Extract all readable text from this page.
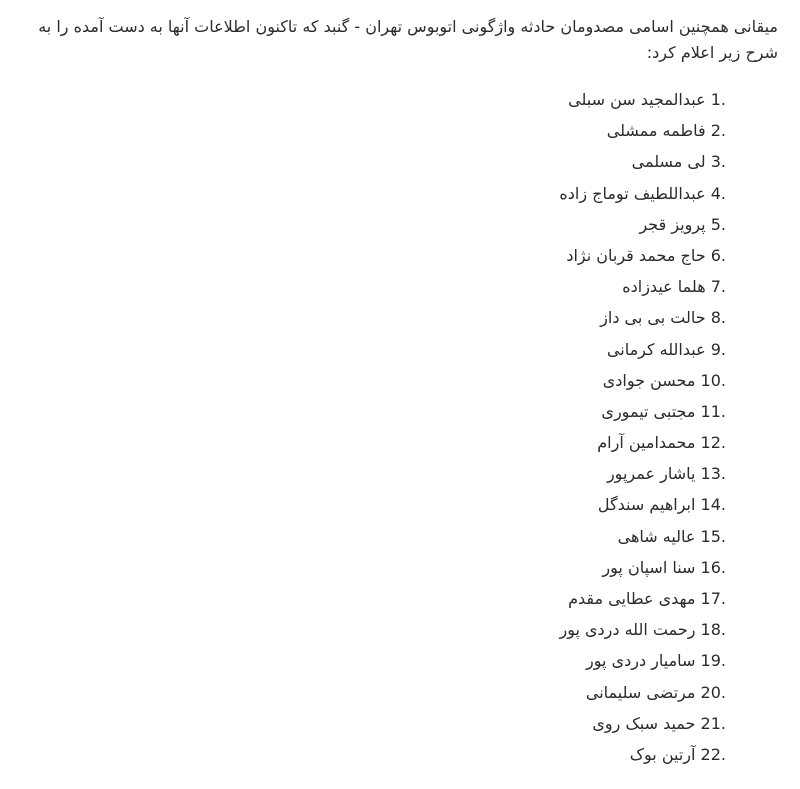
میقانی همچنین اسامی مصدومان حادثه واژگونی اتوبوس تهران - گنبد که تاکنون اطلاعات آنها به دست آمده را به شرح زیر اعلام کرد:

1. عبدالمجید سن سبلی
2. فاطمه ممشلی
3. لی مسلمی
4. عبداللطیف توماج زاده
5. پرویز قجر
6. حاج محمد قربان نژاد
7. هلما عیدزاده
8. حالت بی بی داز
9. عبدالله کرمانی
10. محسن جوادی
11. مجتبی تیموری
12. محمدامین آرام
13. یاشار عمرپور
14. ابراهیم سندگل
15. عالیه شاهی
16. سنا اسپان پور
17. مهدی عطایی مقدم
18. رحمت الله دردی پور
19. سامیار دردی پور
20. مرتضی سلیمانی
21. حمید سبک روی
22. آرتین بوک
